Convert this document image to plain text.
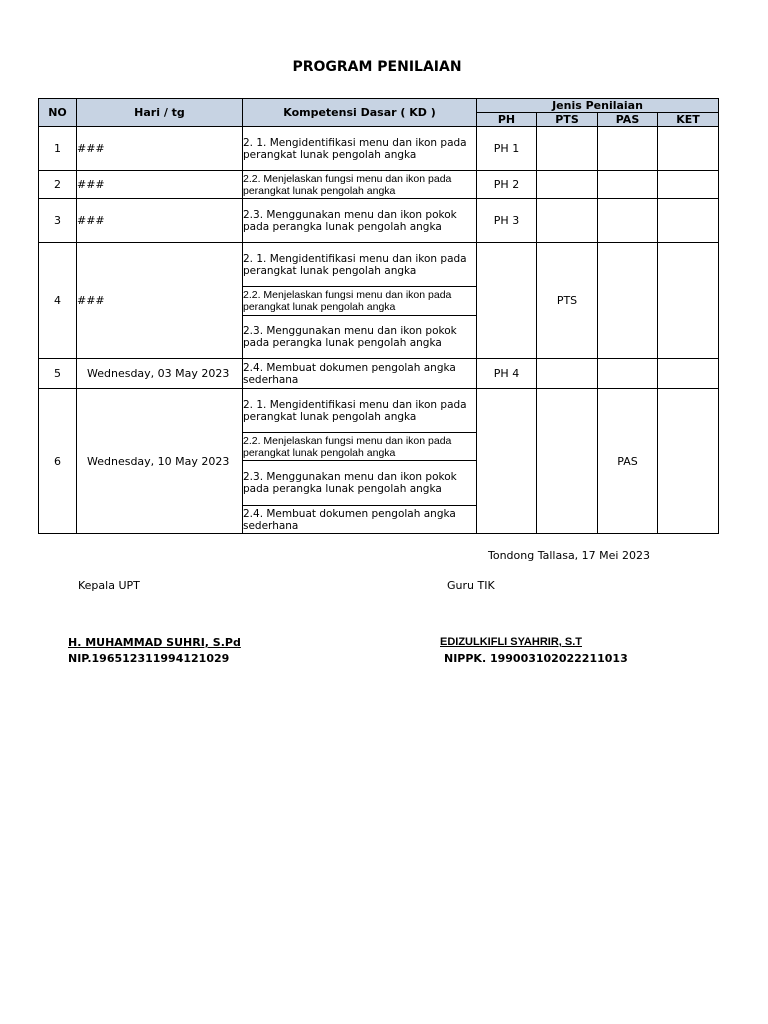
PROGRAM PENILAIAN
NO	Hari / tg	Kompetensi Dasar ( KD )	Jenis Penilaian			
			PH	PTS	PAS	KET
1	###	2. 1. Mengidentifikasi menu dan ikon pada perangkat lunak pengolah angka	PH 1			
2	###	2.2. Menjelaskan fungsi menu dan ikon pada perangkat lunak pengolah angka	PH 2			
3	###	2.3. Menggunakan menu dan ikon pokok pada perangka lunak pengolah angka	PH 3			
4	###	2. 1. Mengidentifikasi menu dan ikon pada perangkat lunak pengolah angka		PTS		
		2.2. Menjelaskan fungsi menu dan ikon pada perangkat lunak pengolah angka				
		2.3. Menggunakan menu dan ikon pokok pada perangka lunak pengolah angka				
5	Wednesday, 03 May 2023	2.4. Membuat dokumen pengolah angka sederhana	PH 4			
6	Wednesday, 10 May 2023	2. 1. Mengidentifikasi menu dan ikon pada perangkat lunak pengolah angka			PAS	
		2.2. Menjelaskan fungsi menu dan ikon pada perangkat lunak pengolah angka				
		2.3. Menggunakan menu dan ikon pokok pada perangka lunak pengolah angka				
		2.4. Membuat dokumen pengolah angka sederhana				
Tondong Tallasa, 17 Mei 2023
Kepala UPT	Guru TIK
H. MUHAMMAD SUHRI, S.Pd
NIP.196512311994121029
EDIZULKIFLI SYAHRIR, S.T
NIPPK. 199003102022211013
